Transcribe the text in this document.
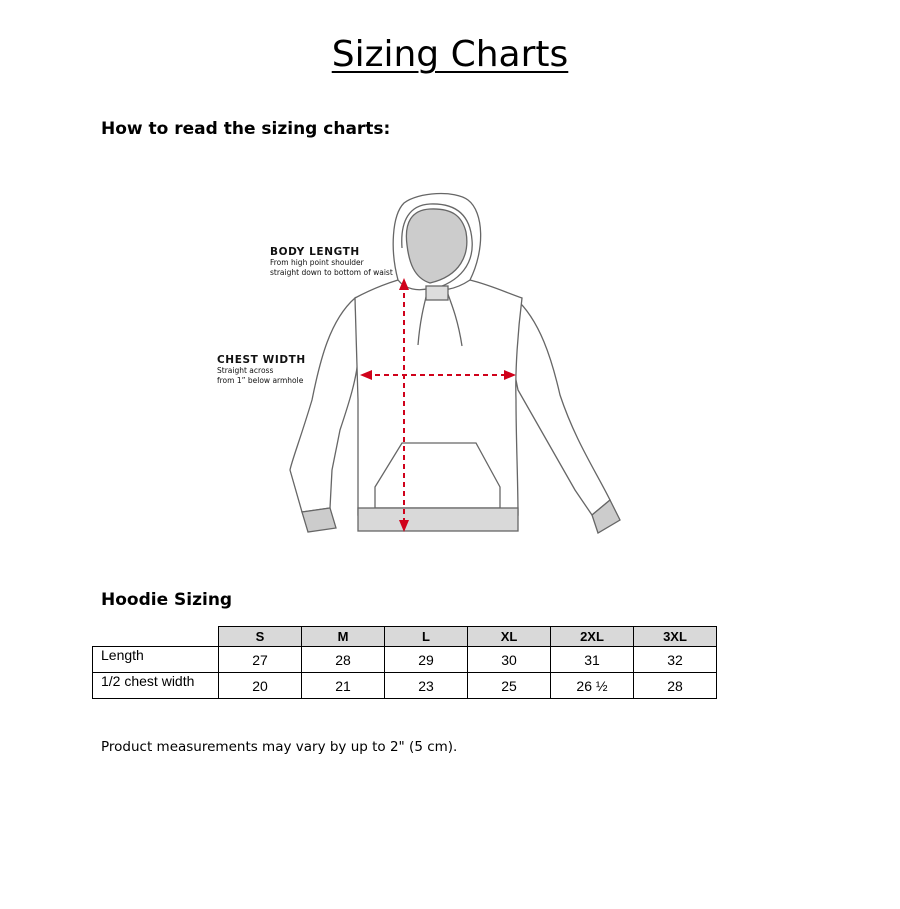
Sizing Charts
How to read the sizing charts:
BODY LENGTH
From high point shoulder
straight down to bottom of waist
CHEST WIDTH
Straight across
from 1” below armhole
Hoodie Sizing
	S	M	L	XL	2XL	3XL
Length	27	28	29	30	31	32
1/2 chest width	20	21	23	25	26 ½	28
Product measurements may vary by up to 2" (5 cm).
